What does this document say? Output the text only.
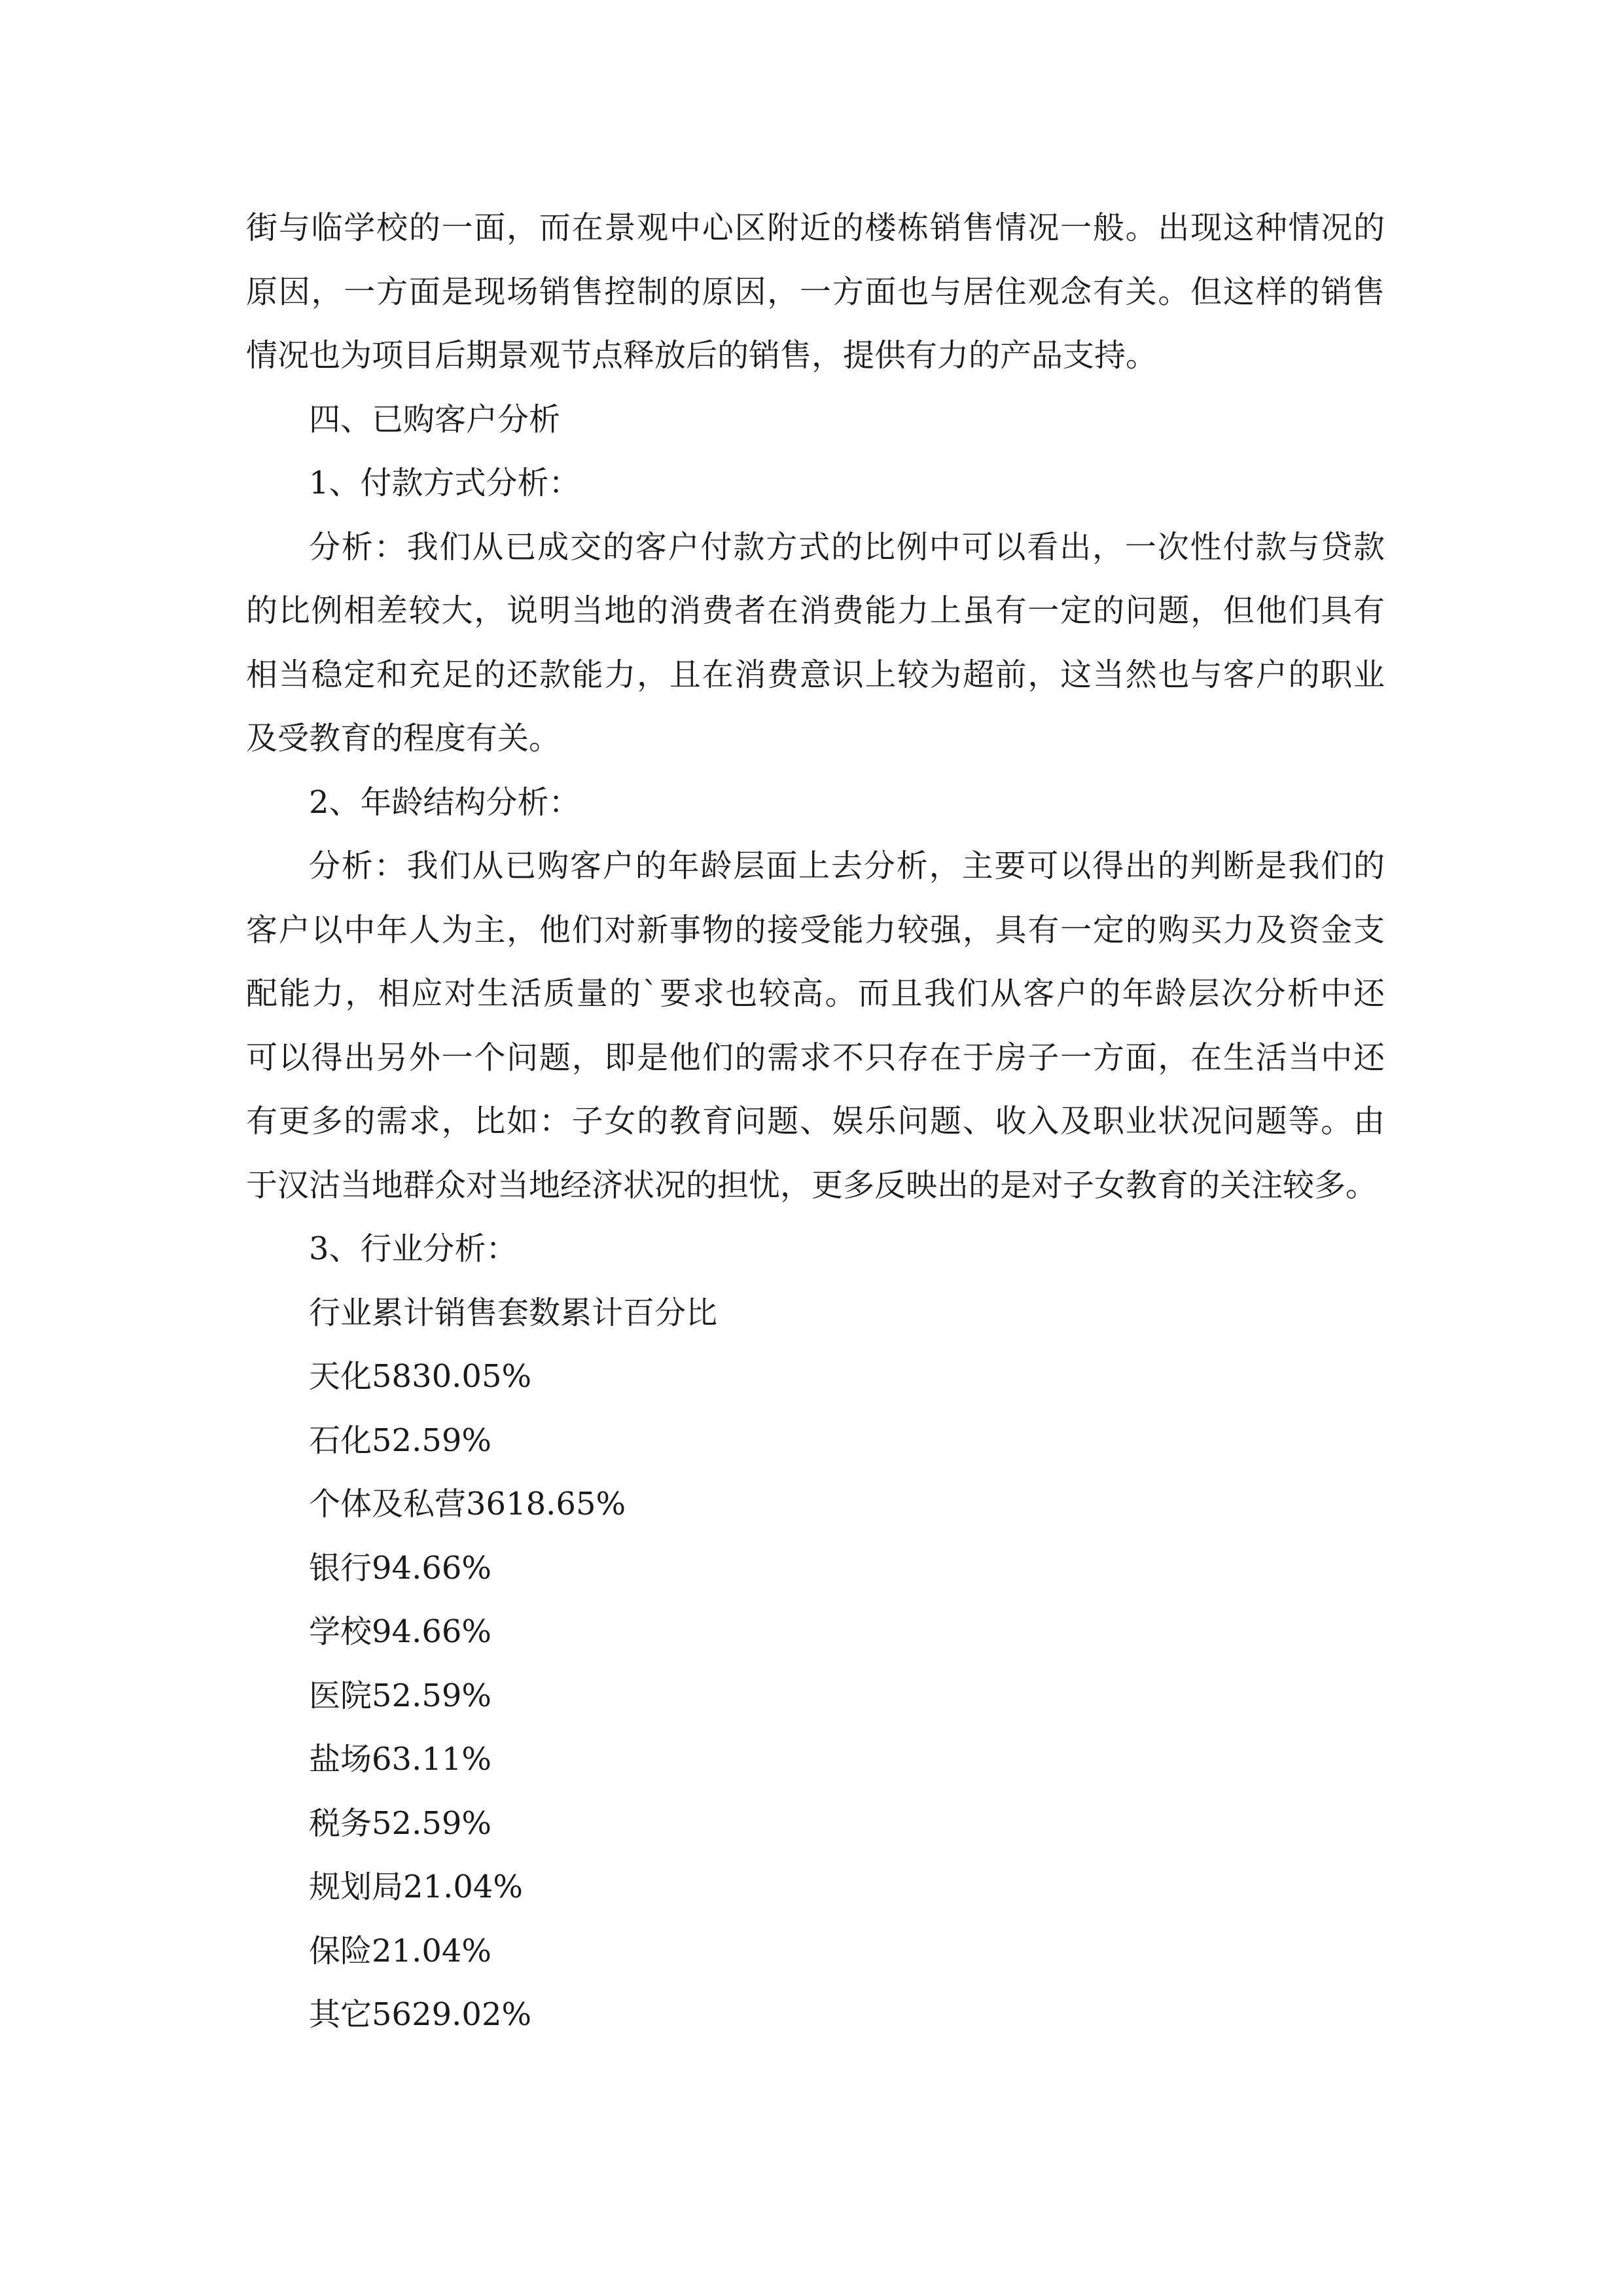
街与临学校的一面，而在景观中心区附近的楼栋销售情况一般。出现这种情况的

原因，一方面是现场销售控制的原因，一方面也与居住观念有关。但这样的销售

情况也为项目后期景观节点释放后的销售，提供有力的产品支持。

四、已购客户分析

1、付款方式分析：

分析：我们从已成交的客户付款方式的比例中可以看出，一次性付款与贷款

的比例相差较大，说明当地的消费者在消费能力上虽有一定的问题，但他们具有

相当稳定和充足的还款能力，且在消费意识上较为超前，这当然也与客户的职业

及受教育的程度有关。

2、年龄结构分析：

分析：我们从已购客户的年龄层面上去分析，主要可以得出的判断是我们的

客户以中年人为主，他们对新事物的接受能力较强，具有一定的购买力及资金支

配能力，相应对生活质量的`要求也较高。而且我们从客户的年龄层次分析中还

可以得出另外一个问题，即是他们的需求不只存在于房子一方面，在生活当中还

有更多的需求，比如：子女的教育问题、娱乐问题、收入及职业状况问题等。由

于汉沽当地群众对当地经济状况的担忧，更多反映出的是对子女教育的关注较多。

3、行业分析：

行业累计销售套数累计百分比

天化5830.05%

石化52.59%

个体及私营3618.65%

银行94.66%

学校94.66%

医院52.59%

盐场63.11%

税务52.59%

规划局21.04%

保险21.04%

其它5629.02%
